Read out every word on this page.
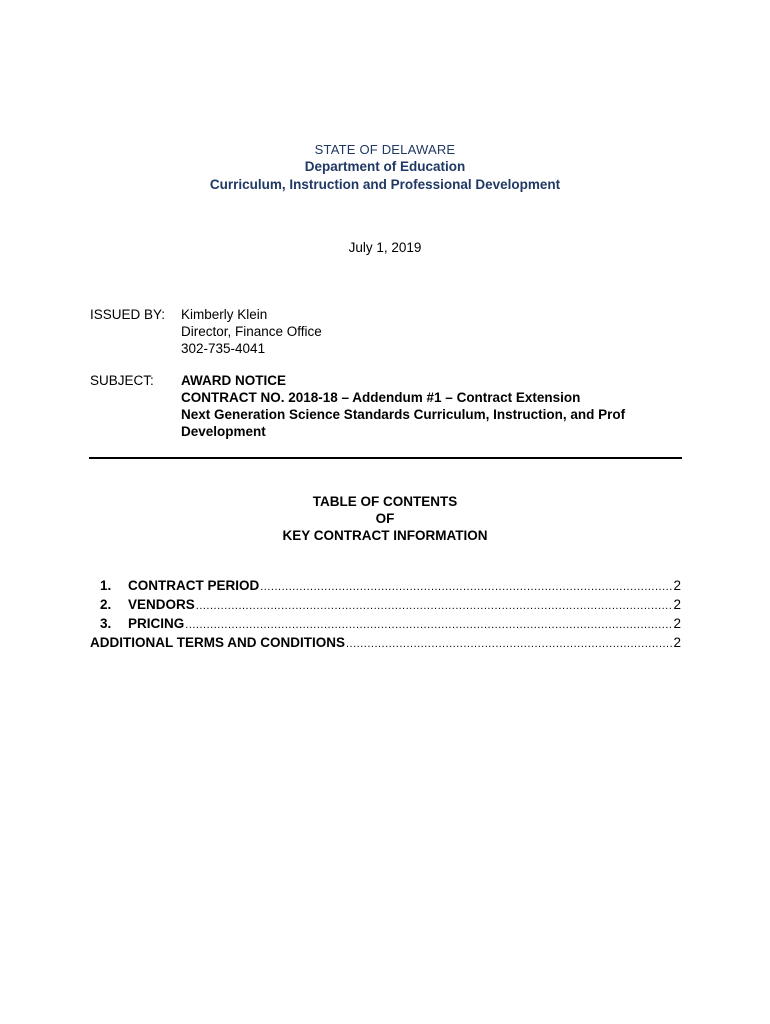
STATE OF DELAWARE
Department of Education
Curriculum, Instruction and Professional Development
July 1, 2019
ISSUED BY:	Kimberly Klein
Director, Finance Office
302-735-4041
SUBJECT:	AWARD NOTICE
CONTRACT NO. 2018-18 – Addendum #1 – Contract Extension
Next Generation Science Standards Curriculum, Instruction, and Prof
Development
TABLE OF CONTENTS
OF
KEY CONTRACT INFORMATION
1.	CONTRACT PERIOD .....	2
2.	VENDORS .....	2
3.	PRICING .....	2
ADDITIONAL TERMS AND CONDITIONS .....	2
